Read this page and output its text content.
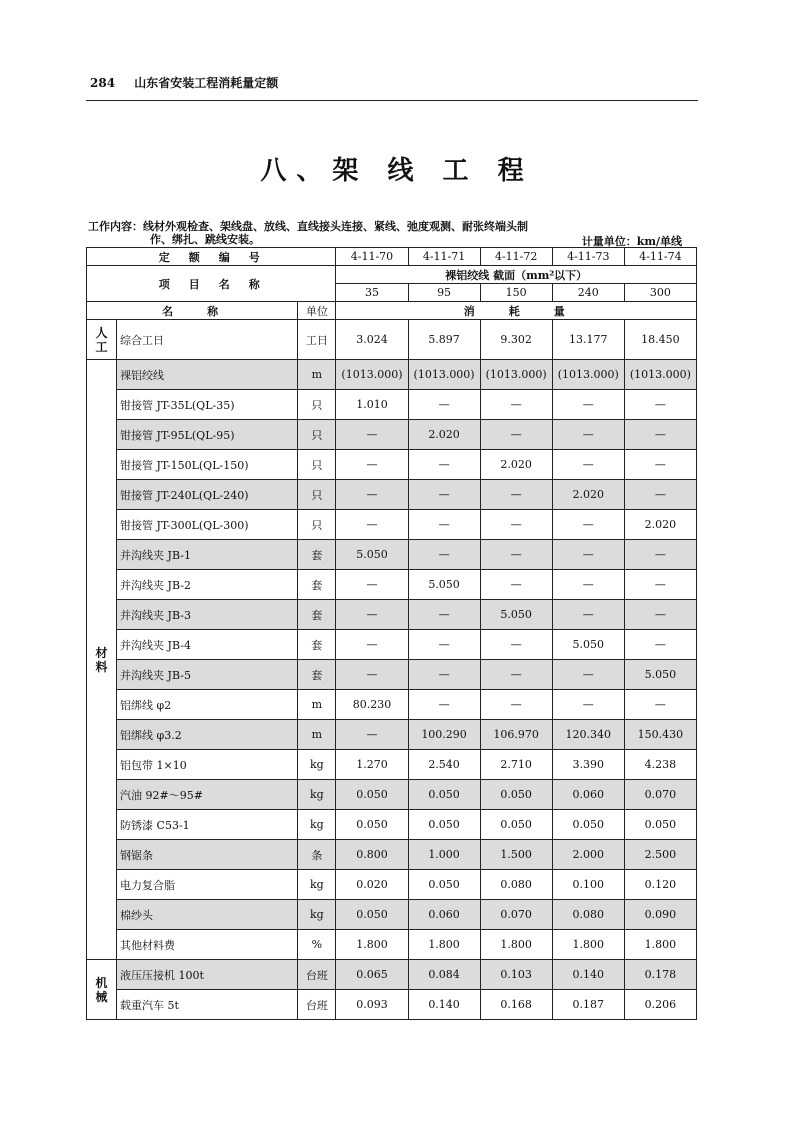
284 山东省安装工程消耗量定额
八、架 线 工 程
工作内容：线材外观检查、架线盘、放线、直线接头连接、紧线、弛度观测、耐张终端头制
作、绑扎、跳线安装。	计量单位：km/单线
定　额　编　号			4-11-70	4-11-71	4-11-72	4-11-73	4-11-74
项　目　名　称			裸铝绞线 截面（mm²以下）				
			35	95	150	240	300
名　　称		单位	消　　耗　　量				
人工	综合工日	工日	3.024	5.897	9.302	13.177	18.450
材料	裸铝绞线	m	(1013.000)	(1013.000)	(1013.000)	(1013.000)	(1013.000)
	钳接管 JT-35L(QL-35)	只	1.010	—	—	—	—
	钳接管 JT-95L(QL-95)	只	—	2.020	—	—	—
	钳接管 JT-150L(QL-150)	只	—	—	2.020	—	—
	钳接管 JT-240L(QL-240)	只	—	—	—	2.020	—
	钳接管 JT-300L(QL-300)	只	—	—	—	—	2.020
	并沟线夹 JB-1	套	5.050	—	—	—	—
	并沟线夹 JB-2	套	—	5.050	—	—	—
	并沟线夹 JB-3	套	—	—	5.050	—	—
	并沟线夹 JB-4	套	—	—	—	5.050	—
	并沟线夹 JB-5	套	—	—	—	—	5.050
	铝绑线 φ2	m	80.230	—	—	—	—
	铝绑线 φ3.2	m	—	100.290	106.970	120.340	150.430
	铝包带 1×10	kg	1.270	2.540	2.710	3.390	4.238
	汽油 92#～95#	kg	0.050	0.050	0.050	0.060	0.070
	防锈漆 C53-1	kg	0.050	0.050	0.050	0.050	0.050
	钢锯条	条	0.800	1.000	1.500	2.000	2.500
	电力复合脂	kg	0.020	0.050	0.080	0.100	0.120
	棉纱头	kg	0.050	0.060	0.070	0.080	0.090
	其他材料费	%	1.800	1.800	1.800	1.800	1.800
机械	液压压接机 100t	台班	0.065	0.084	0.103	0.140	0.178
	载重汽车 5t	台班	0.093	0.140	0.168	0.187	0.206
